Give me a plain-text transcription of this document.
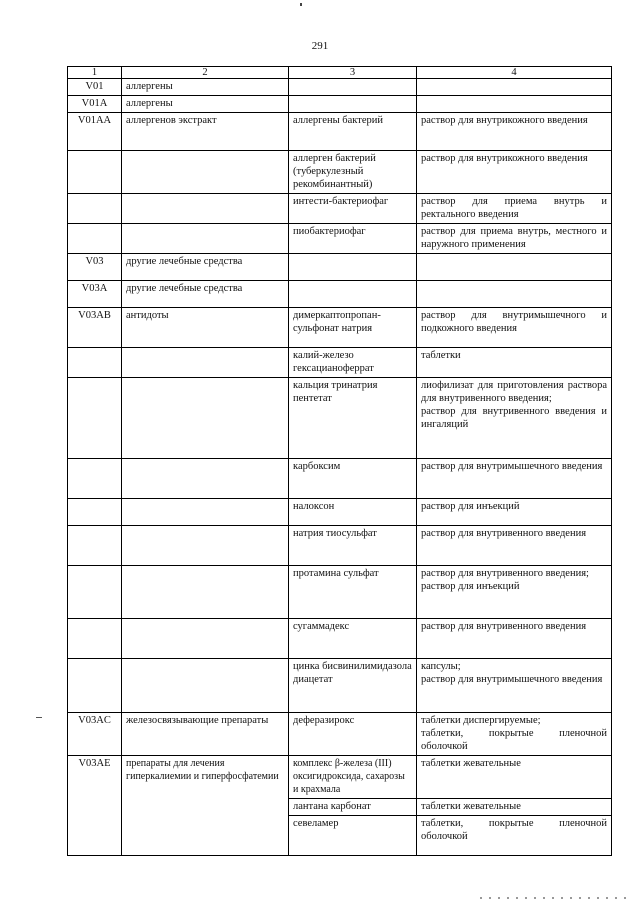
291
1	2	3	4
V01	аллергены		
V01A	аллергены		
V01AA	аллергенов экстракт	аллергены бактерий	раствор для внутрикожного введения
		аллерген бактерий (туберкулезный рекомбинантный)	раствор для внутрикожного введения
		интести-бактериофаг	раствор для приема внутрь и ректального введения
		пиобактериофаг	раствор для приема внутрь, местного и наружного применения
V03	другие лечебные средства		
V03A	другие лечебные средства		
V03AB	антидоты	димеркаптопропан-сульфонат натрия	раствор для внутримышечного и подкожного введения
		калий-железо гексацианоферрат	таблетки
		кальция тринатрия пентетат	лиофилизат для приготовления раствора для внутривенного введения;
раствор для внутривенного введения и ингаляций
		карбоксим	раствор для внутримышечного введения
		налоксон	раствор для инъекций
		натрия тиосульфат	раствор для внутривенного введения
		протамина сульфат	раствор для внутривенного введения;
раствор для инъекций
		сугаммадекс	раствор для внутривенного введения
		цинка бисвинилимидазола диацетат	капсулы;
раствор для внутримышечного введения
V03AC	железосвязывающие препараты	деферазирокс	таблетки диспергируемые;
таблетки, покрытые пленочной оболочкой
V03AE	препараты для лечения гиперкалиемии и гиперфосфатемии	комплекс β-железа (III) оксигидроксида, сахарозы и крахмала	таблетки жевательные
		лантана карбонат	таблетки жевательные
		севеламер	таблетки, покрытые пленочной оболочкой
